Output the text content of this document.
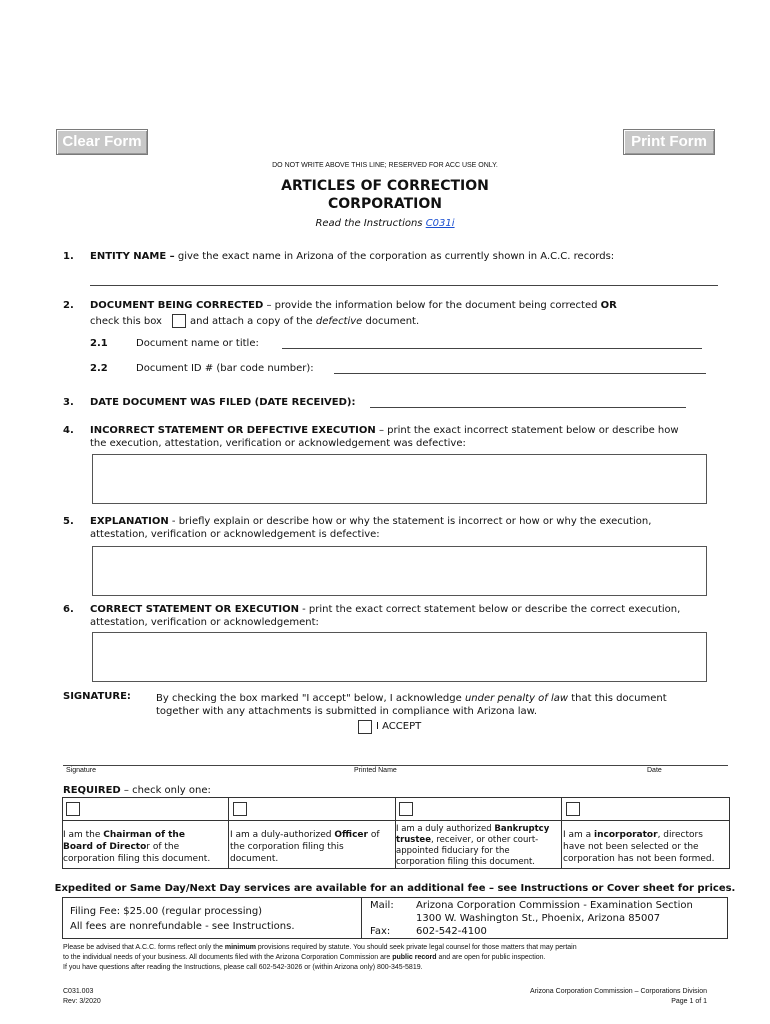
Clear Form	Print Form
DO NOT WRITE ABOVE THIS LINE; RESERVED FOR ACC USE ONLY.
ARTICLES OF CORRECTION
CORPORATION
Read the Instructions C031i
1. ENTITY NAME – give the exact name in Arizona of the corporation as currently shown in A.C.C. records:
2. DOCUMENT BEING CORRECTED – provide the information below for the document being corrected OR
check this box	and attach a copy of the defective document.
2.1	Document name or title:
2.2	Document ID # (bar code number):
3. DATE DOCUMENT WAS FILED (DATE RECEIVED):
4. INCORRECT STATEMENT OR DEFECTIVE EXECUTION – print the exact incorrect statement below or describe how
the execution, attestation, verification or acknowledgement was defective:
5. EXPLANATION - briefly explain or describe how or why the statement is incorrect or how or why the execution,
attestation, verification or acknowledgement is defective:
6. CORRECT STATEMENT OR EXECUTION - print the exact correct statement below or describe the correct execution,
attestation, verification or acknowledgement:
SIGNATURE:	By checking the box marked "I accept" below, I acknowledge under penalty of law that this document
together with any attachments is submitted in compliance with Arizona law.
I ACCEPT
Signature	Printed Name	Date
REQUIRED – check only one:
I am the Chairman of the
Board of Director of the
corporation filing this document.
I am a duly-authorized Officer of
the corporation filing this
document.
I am a duly authorized Bankruptcy
trustee, receiver, or other court-
appointed fiduciary for the
corporation filing this document.
I am a incorporator, directors
have not been selected or the
corporation has not been formed.
Expedited or Same Day/Next Day services are available for an additional fee – see Instructions or Cover sheet for prices.
Filing Fee: $25.00 (regular processing)
All fees are nonrefundable - see Instructions.
Mail: Arizona Corporation Commission - Examination Section
1300 W. Washington St., Phoenix, Arizona 85007
Fax:	602-542-4100
Please be advised that A.C.C. forms reflect only the minimum provisions required by statute. You should seek private legal counsel for those matters that may pertain
to the individual needs of your business. All documents filed with the Arizona Corporation Commission are public record and are open for public inspection.
If you have questions after reading the Instructions, please call 602-542-3026 or (within Arizona only) 800-345-5819.
C031.003
Rev: 3/2020
Arizona Corporation Commission – Corporations Division
Page 1 of 1
